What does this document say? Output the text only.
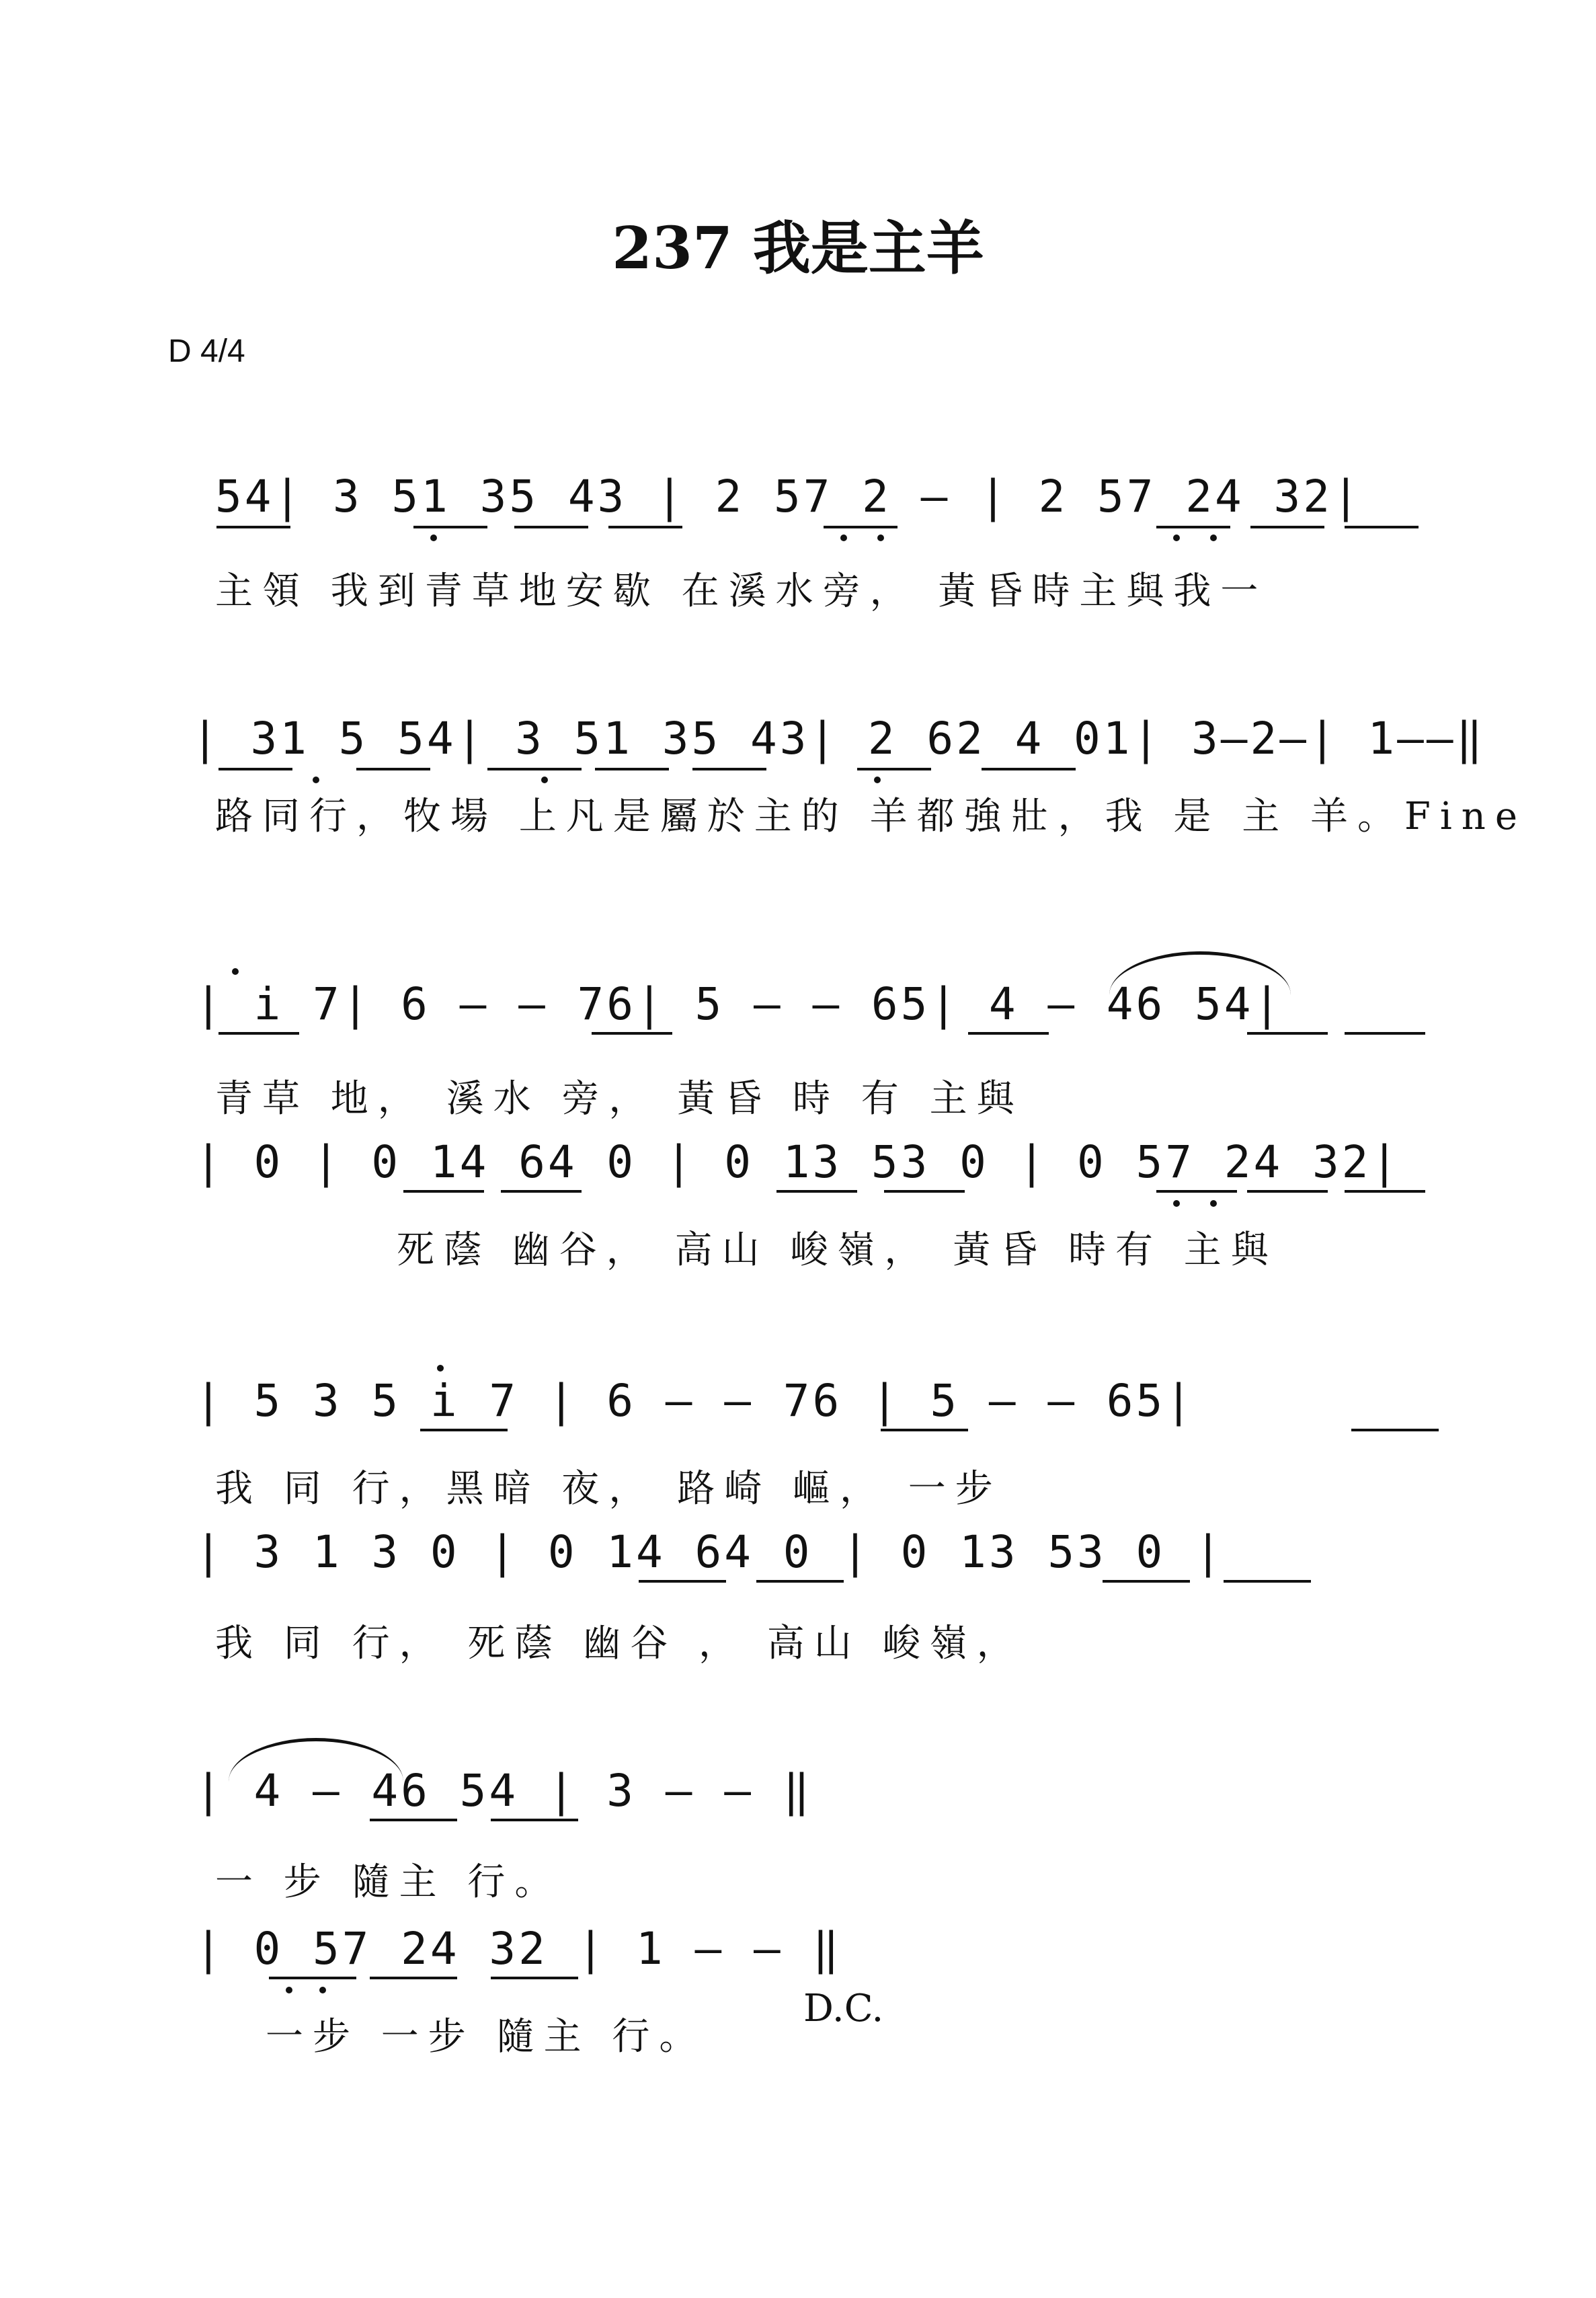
237 我是主羊
D 4/4
54| 3 51 35 43 | 2 57 2 – | 2 57 24 32|
主領 我到青草地安歇 在溪水旁， 黃昏時主與我一
| 31 5 54| 3 51 35 43| 2 62 4 01| 3–2–| 1––‖
路同行，牧場 上凡是屬於主的 羊都強壯，我 是 主 羊。Fine
| i 7| 6 – – 76| 5 – – 65| 4 – 46 54|
青草 地， 溪水 旁， 黃昏 時 有 主與
| 0 | 0 14 64 0 | 0 13 53 0 | 0 57 24 32|
死蔭 幽谷， 高山 峻嶺， 黃昏 時有 主與
| 5 3 5 i 7 | 6 – – 76 | 5 – – 65|
我 同 行，黑暗 夜， 路崎 嶇， 一步
| 3 1 3 0 | 0 14 64 0 | 0 13 53 0 |
我 同 行， 死蔭 幽谷 ， 高山 峻嶺，
| 4 – 46 54 | 3 – – ‖
一 步 隨主 行。
| 0 57 24 32 | 1 – – ‖
一步 一步 隨主 行。
D.C.
